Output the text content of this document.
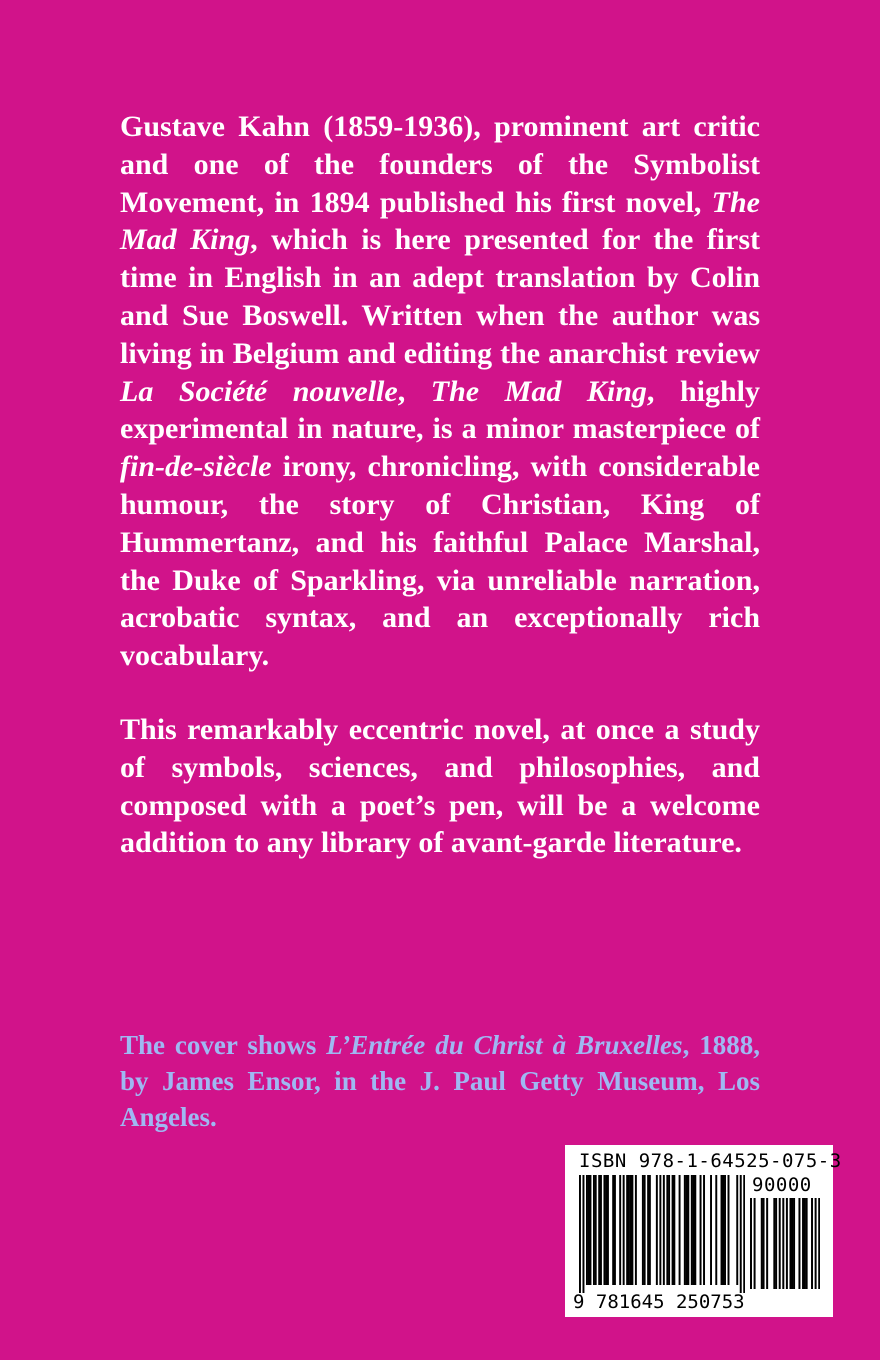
Gustave Kahn (1859-1936), prominent art critic and one of the founders of the Symbolist Movement, in 1894 published his first novel, The Mad King, which is here presented for the first time in English in an adept translation by Colin and Sue Boswell. Written when the author was living in Belgium and editing the anarchist review La Société nouvelle, The Mad King, highly experimental in nature, is a minor masterpiece of fin-de-siècle irony, chronicling, with considerable humour, the story of Christian, King of Hummertanz, and his faithful Palace Marshal, the Duke of Sparkling, via unreliable narration, acrobatic syntax, and an exceptionally rich vocabulary.

This remarkably eccentric novel, at once a study of symbols, sciences, and philosophies, and composed with a poet’s pen, will be a welcome addition to any library of avant-garde literature.

The cover shows L’Entrée du Christ à Bruxelles, 1888, by James Ensor, in the J. Paul Getty Museum, Los Angeles.
ISBN 978-1-64525-075-3
90000
9 781645 250753
